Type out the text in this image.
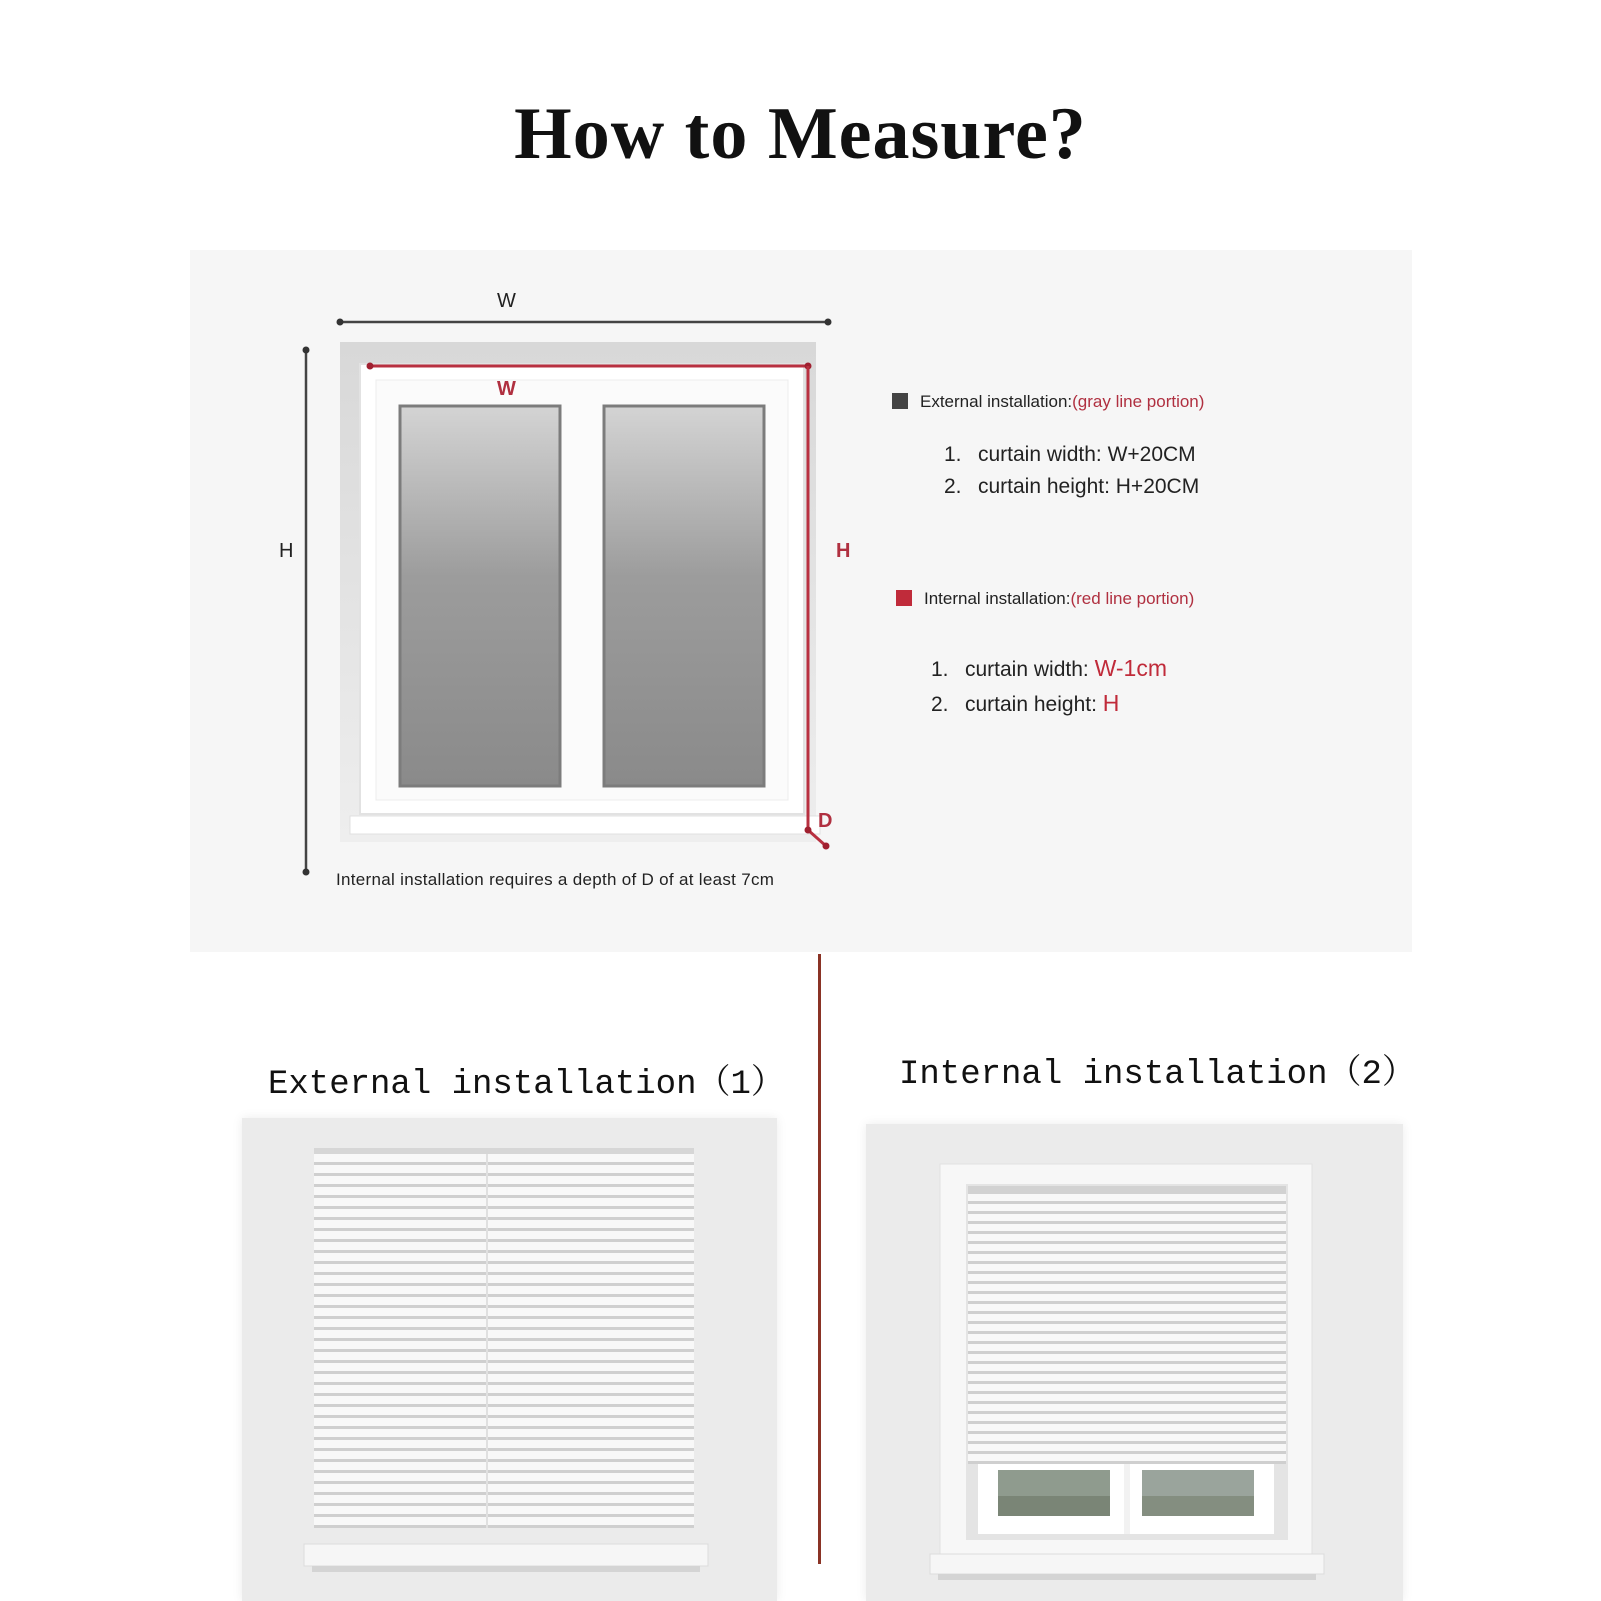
How to Measure?
W
H
W
H
D
Internal installation requires a depth of D of at least 7cm
External installation:(gray line portion)
1. curtain width: W+20CM
2. curtain height: H+20CM
Internal installation:(red line portion)
1. curtain width: W-1cm
2. curtain height: H
External installation（1）	Internal installation（2）
